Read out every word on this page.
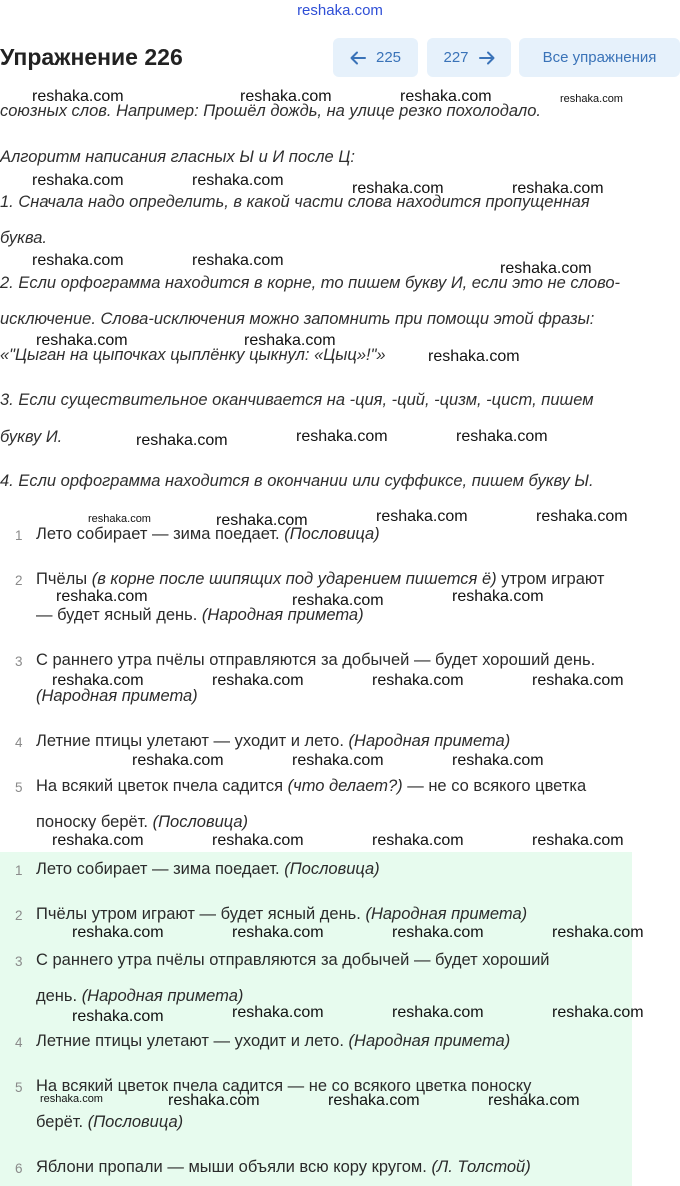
reshaka.com
Упражнение 226	225	227	Все упражнения
союзных слов. Например: Прошёл дождь, на улице резко похолодало.
Алгоритм написания гласных Ы и И после Ц:
1. Сначала надо определить, в какой части слова находится пропущенная
буква.
2. Если орфограмма находится в корне, то пишем букву И, если это не слово-
исключение. Слова-исключения можно запомнить при помощи этой фразы:
«"Цыган на цыпочках цыплёнку цыкнул: «Цыц»!"»
3. Если существительное оканчивается на -ция, -ций, -цизм, -цист, пишем
букву И.
4. Если орфограмма находится в окончании или суффиксе, пишем букву Ы.
1 Лето собирает — зима поедает. (Пословица)
2 Пчёлы (в корне после шипящих под ударением пишется ё) утром играют
— будет ясный день. (Народная примета)
3 С раннего утра пчёлы отправляются за добычей — будет хороший день.
(Народная примета)
4 Летние птицы улетают — уходит и лето. (Народная примета)
5 На всякий цветок пчела садится (что делает?) — не со всякого цветка
поноску берёт. (Пословица)
1 Лето собирает — зима поедает. (Пословица)
2 Пчёлы утром играют — будет ясный день. (Народная примета)
3 С раннего утра пчёлы отправляются за добычей — будет хороший
день. (Народная примета)
4 Летние птицы улетают — уходит и лето. (Народная примета)
5 На всякий цветок пчела садится — не со всякого цветка поноску
берёт. (Пословица)
6 Яблони пропали — мыши объяли всю кору кругом. (Л. Толстой)
reshaka.com	reshaka.com	reshaka.com	reshaka.com
reshaka.com	reshaka.com	reshaka.com	reshaka.com
reshaka.com	reshaka.com	reshaka.com
reshaka.com	reshaka.com
reshaka.com
reshaka.com	reshaka.com	reshaka.com
reshaka.com	reshaka.com	reshaka.com	reshaka.com
reshaka.com	reshaka.com	reshaka.com
reshaka.com	reshaka.com	reshaka.com	reshaka.com
reshaka.com	reshaka.com	reshaka.com
reshaka.com	reshaka.com	reshaka.com	reshaka.com
reshaka.com	reshaka.com	reshaka.com	reshaka.com
reshaka.com	reshaka.com	reshaka.com	reshaka.com
reshaka.com	reshaka.com	reshaka.com	reshaka.com
